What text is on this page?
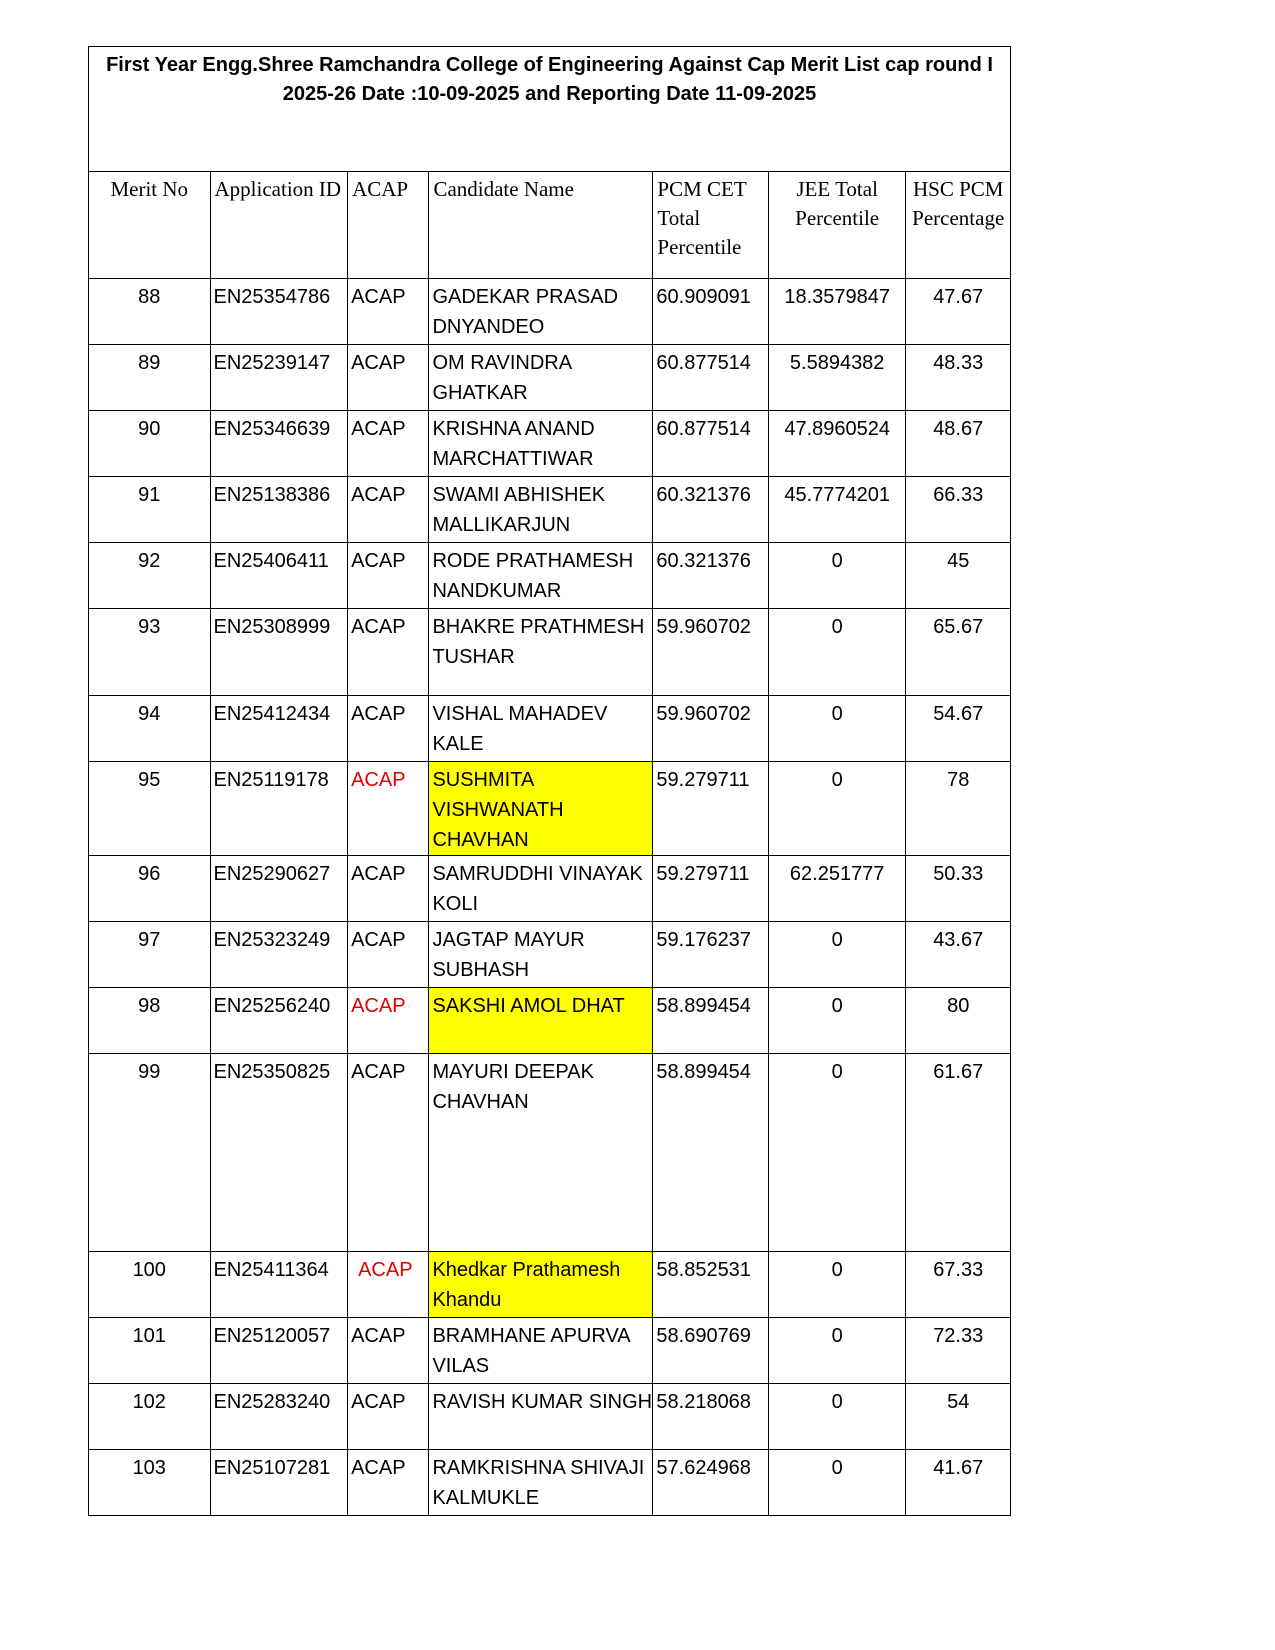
First Year Engg.Shree Ramchandra College of Engineering Against Cap Merit List cap round I
2025-26 Date :10-09-2025 and Reporting Date 11-09-2025						

Merit No	Application ID	ACAP	Candidate Name	PCM CET Total Percentile	JEE Total Percentile	HSC PCM Percentage
88	EN25354786	ACAP	GADEKAR PRASAD DNYANDEO	60.909091	18.3579847	47.67
89	EN25239147	ACAP	OM RAVINDRA GHATKAR	60.877514	5.5894382	48.33
90	EN25346639	ACAP	KRISHNA ANAND MARCHATTIWAR	60.877514	47.8960524	48.67
91	EN25138386	ACAP	SWAMI ABHISHEK MALLIKARJUN	60.321376	45.7774201	66.33
92	EN25406411	ACAP	RODE PRATHAMESH NANDKUMAR	60.321376	0	45
93	EN25308999	ACAP	BHAKRE PRATHMESH TUSHAR	59.960702	0	65.67
94	EN25412434	ACAP	VISHAL MAHADEV KALE	59.960702	0	54.67
95	EN25119178	ACAP	SUSHMITA VISHWANATH CHAVHAN	59.279711	0	78
96	EN25290627	ACAP	SAMRUDDHI VINAYAK KOLI	59.279711	62.251777	50.33
97	EN25323249	ACAP	JAGTAP MAYUR SUBHASH	59.176237	0	43.67
98	EN25256240	ACAP	SAKSHI AMOL DHAT	58.899454	0	80
99	EN25350825	ACAP	MAYURI DEEPAK CHAVHAN	58.899454	0	61.67
100	EN25411364	ACAP	Khedkar Prathamesh Khandu	58.852531	0	67.33
101	EN25120057	ACAP	BRAMHANE APURVA VILAS	58.690769	0	72.33
102	EN25283240	ACAP	RAVISH KUMAR SINGH	58.218068	0	54
103	EN25107281	ACAP	RAMKRISHNA SHIVAJI KALMUKLE	57.624968	0	41.67
